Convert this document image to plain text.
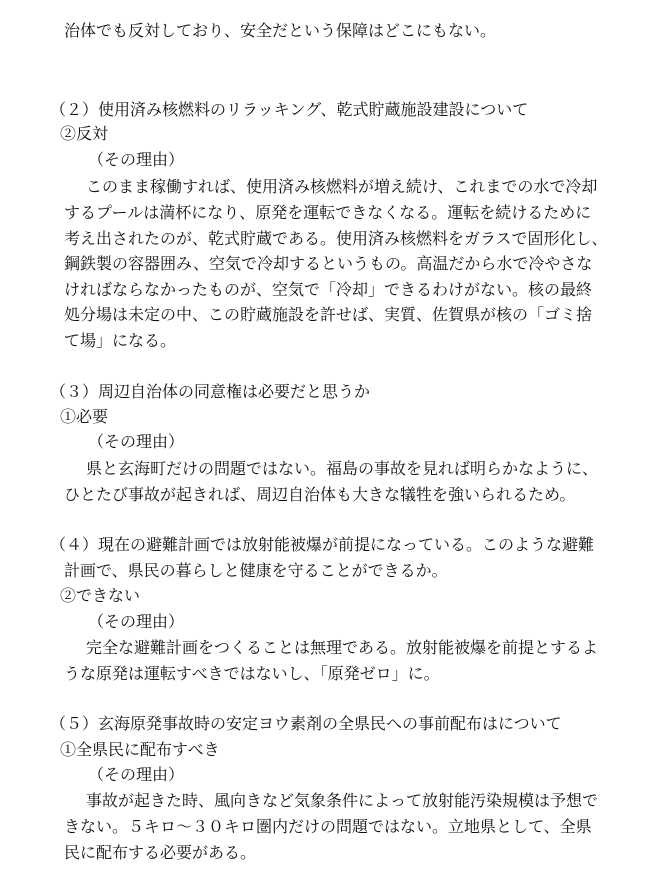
治体でも反対しており、安全だという保障はどこにもない。
（２）使用済み核燃料のリラッキング、乾式貯蔵施設建設について
②反対
（その理由）
このまま稼働すれば、使用済み核燃料が増え続け、これまでの水で冷却
するプールは満杯になり、原発を運転できなくなる。運転を続けるために
考え出されたのが、乾式貯蔵である。使用済み核燃料をガラスで固形化し、
鋼鉄製の容器囲み、空気で冷却するというもの。高温だから水で冷やさな
ければならなかったものが、空気で「冷却」できるわけがない。核の最終
処分場は未定の中、この貯蔵施設を許せば、実質、佐賀県が核の「ゴミ捨
て場」になる。
（３）周辺自治体の同意権は必要だと思うか
①必要
（その理由）
県と玄海町だけの問題ではない。福島の事故を見れば明らかなように、
ひとたび事故が起きれば、周辺自治体も大きな犠牲を強いられるため。
（４）現在の避難計画では放射能被爆が前提になっている。このような避難
計画で、県民の暮らしと健康を守ることができるか。
②できない
（その理由）
完全な避難計画をつくることは無理である。放射能被爆を前提とするよ
うな原発は運転すべきではないし、「原発ゼロ」に。
（５）玄海原発事故時の安定ヨウ素剤の全県民への事前配布はについて
①全県民に配布すべき
（その理由）
事故が起きた時、風向きなど気象条件によって放射能汚染規模は予想で
きない。５キロ～３０キロ圏内だけの問題ではない。立地県として、全県
民に配布する必要がある。
